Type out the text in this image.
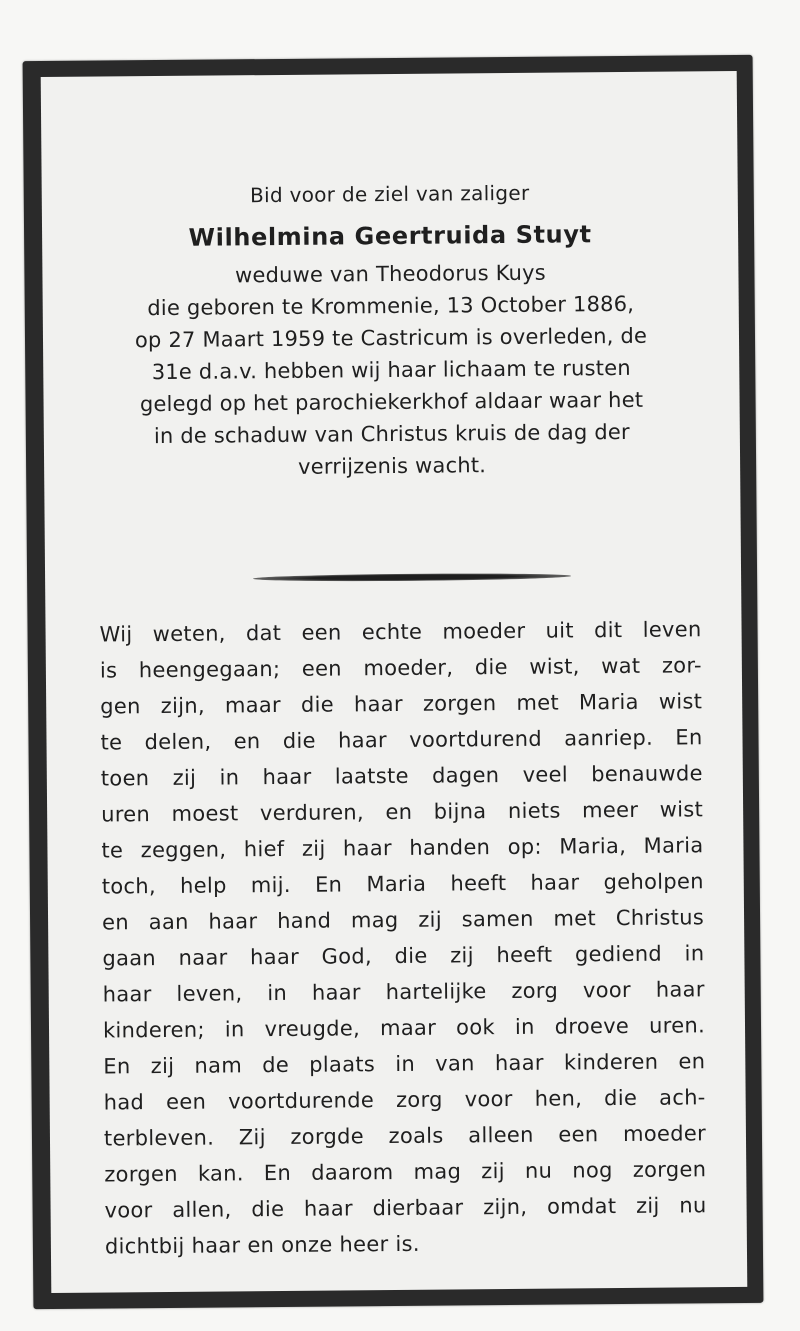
Bid voor de ziel van zaliger
Wilhelmina Geertruida Stuyt
weduwe van Theodorus Kuys
die geboren te Krommenie, 13 October 1886,
op 27 Maart 1959 te Castricum is overleden, de
31e d.a.v. hebben wij haar lichaam te rusten
gelegd op het parochiekerkhof aldaar waar het
in de schaduw van Christus kruis de dag der
verrijzenis wacht.
Wij weten, dat een echte moeder uit dit leven
is heengegaan; een moeder, die wist, wat zor-
gen zijn, maar die haar zorgen met Maria wist
te delen, en die haar voortdurend aanriep. En
toen zij in haar laatste dagen veel benauwde
uren moest verduren, en bijna niets meer wist
te zeggen, hief zij haar handen op: Maria, Maria
toch, help mij. En Maria heeft haar geholpen
en aan haar hand mag zij samen met Christus
gaan naar haar God, die zij heeft gediend in
haar leven, in haar hartelijke zorg voor haar
kinderen; in vreugde, maar ook in droeve uren.
En zij nam de plaats in van haar kinderen en
had een voortdurende zorg voor hen, die ach-
terbleven. Zij zorgde zoals alleen een moeder
zorgen kan. En daarom mag zij nu nog zorgen
voor allen, die haar dierbaar zijn, omdat zij nu
dichtbij haar en onze heer is.
